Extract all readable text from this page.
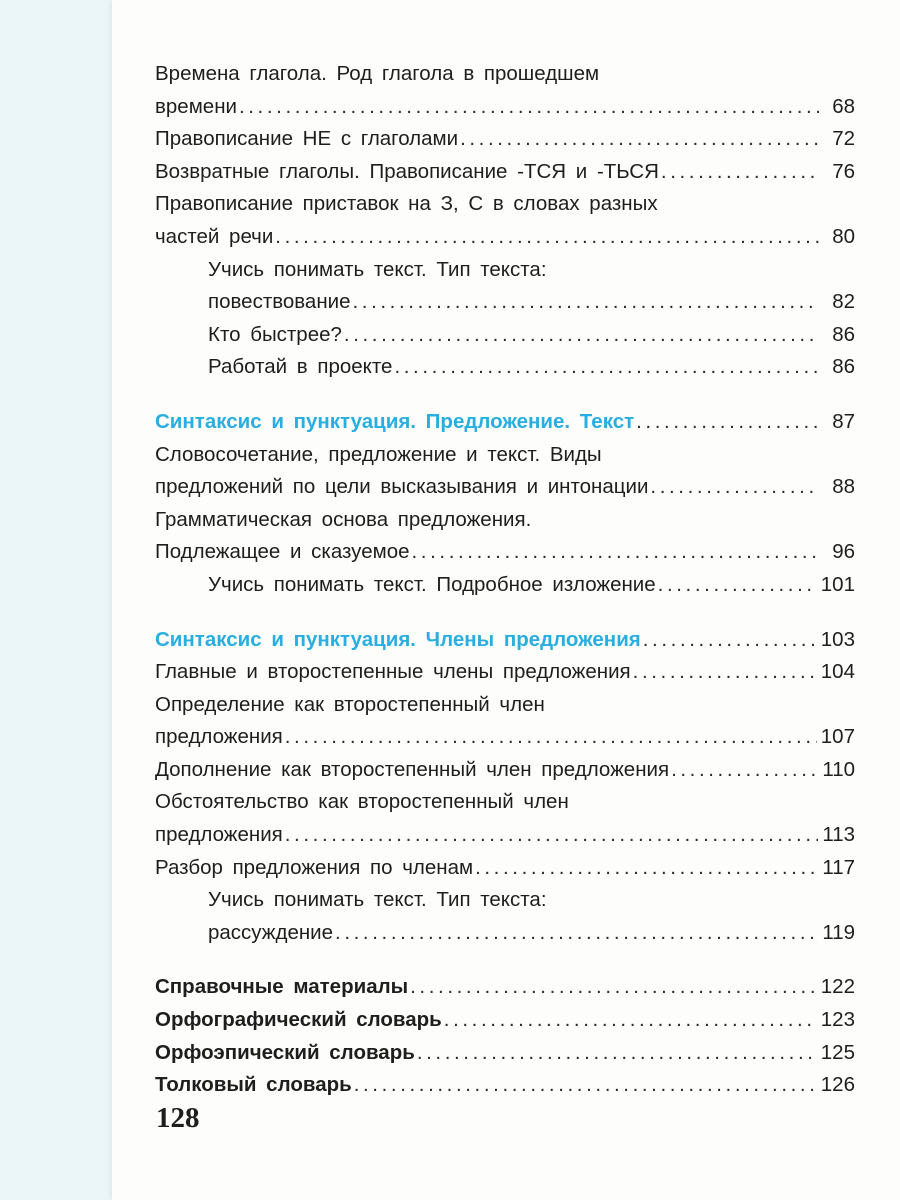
Времена глагола. Род глагола в прошедшем
времени .....	68
Правописание НЕ с глаголами .....	72
Возвратные глаголы. Правописание -ТСЯ и -ТЬСЯ .....	76
Правописание приставок на З, С в словах разных
частей речи .....	80
Учись понимать текст. Тип текста:
повествование .....	82
Кто быстрее? .....	86
Работай в проекте .....	86
Синтаксис и пунктуация. Предложение. Текст .....	87
Словосочетание, предложение и текст. Виды
предложений по цели высказывания и интонации .....	88
Грамматическая основа предложения.
Подлежащее и сказуемое .....	96
Учись понимать текст. Подробное изложение .....	101
Синтаксис и пунктуация. Члены предложения .....	103
Главные и второстепенные члены предложения .....	104
Определение как второстепенный член
предложения .....	107
Дополнение как второстепенный член предложения .....	110
Обстоятельство как второстепенный член
предложения .....	113
Разбор предложения по членам .....	117
Учись понимать текст. Тип текста:
рассуждение .....	119
Справочные материалы .....	122
Орфографический словарь .....	123
Орфоэпический словарь .....	125
Толковый словарь .....	126
128
